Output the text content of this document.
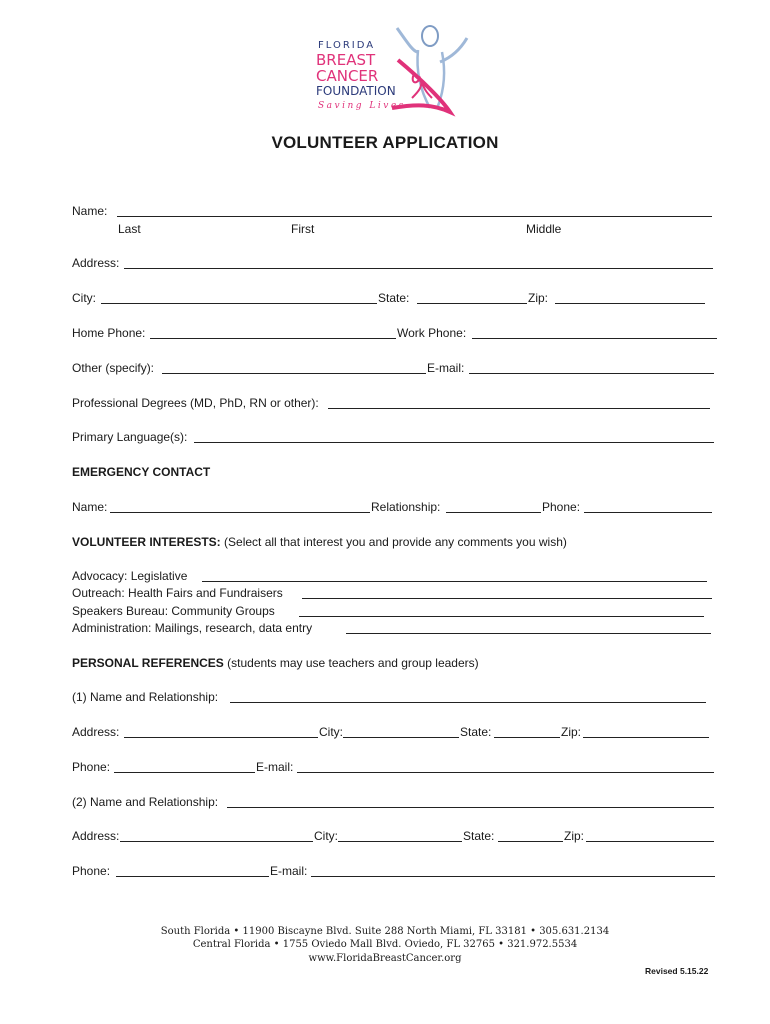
FLORIDA
BREAST
CANCER
FOUNDATION
Saving Lives
VOLUNTEER APPLICATION
Name:
Last	First	Middle
Address:
City:	State:	Zip:
Home Phone:	Work Phone:
Other (specify):	E-mail:
Professional Degrees (MD, PhD, RN or other):
Primary Language(s):
EMERGENCY CONTACT
Name:	Relationship:	Phone:
VOLUNTEER INTERESTS: (Select all that interest you and provide any comments you wish)
Advocacy: Legislative
Outreach: Health Fairs and Fundraisers
Speakers Bureau: Community Groups
Administration: Mailings, research, data entry
PERSONAL REFERENCES (students may use teachers and group leaders)
(1) Name and Relationship:
Address:	City:	State:	Zip:
Phone:	E-mail:
(2) Name and Relationship:
Address:	City:	State:	Zip:
Phone:	E-mail:
South Florida • 11900 Biscayne Blvd. Suite 288 North Miami, FL 33181 • 305.631.2134
Central Florida • 1755 Oviedo Mall Blvd. Oviedo, FL 32765 • 321.972.5534
www.FloridaBreastCancer.org
Revised 5.15.22
